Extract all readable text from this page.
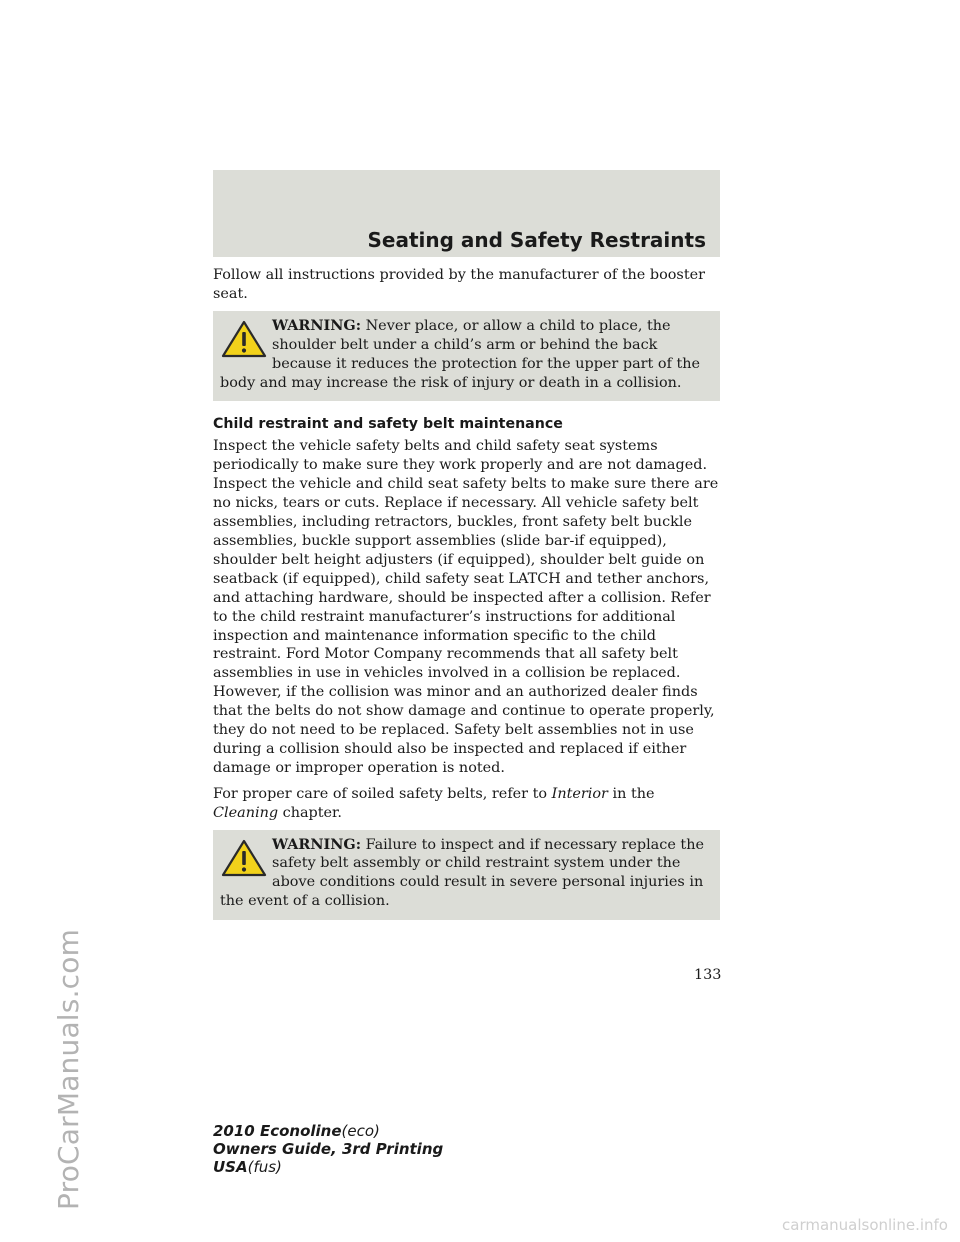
ProCarManuals.com
Seating and Safety Restraints

Follow all instructions provided by the manufacturer of the booster seat.

WARNING: Never place, or allow a child to place, the shoulder belt under a child’s arm or behind the back because it reduces the protection for the upper part of the body and may increase the risk of injury or death in a collision.
Child restraint and safety belt maintenance

Inspect the vehicle safety belts and child safety seat systems periodically to make sure they work properly and are not damaged. Inspect the vehicle and child seat safety belts to make sure there are no nicks, tears or cuts. Replace if necessary. All vehicle safety belt assemblies, including retractors, buckles, front safety belt buckle assemblies, buckle support assemblies (slide bar-if equipped), shoulder belt height adjusters (if equipped), shoulder belt guide on seatback (if equipped), child safety seat LATCH and tether anchors, and attaching hardware, should be inspected after a collision. Refer to the child restraint manufacturer’s instructions for additional inspection and maintenance information specific to the child restraint. Ford Motor Company recommends that all safety belt assemblies in use in vehicles involved in a collision be replaced. However, if the collision was minor and an authorized dealer finds that the belts do not show damage and continue to operate properly, they do not need to be replaced. Safety belt assemblies not in use during a collision should also be inspected and replaced if either damage or improper operation is noted.

For proper care of soiled safety belts, refer to Interior in the Cleaning chapter.

WARNING: Failure to inspect and if necessary replace the safety belt assembly or child restraint system under the above conditions could result in severe personal injuries in the event of a collision.

133

2010 Econoline(eco)
Owners Guide, 3rd Printing
USA(fus)
carmanualsonline.info
